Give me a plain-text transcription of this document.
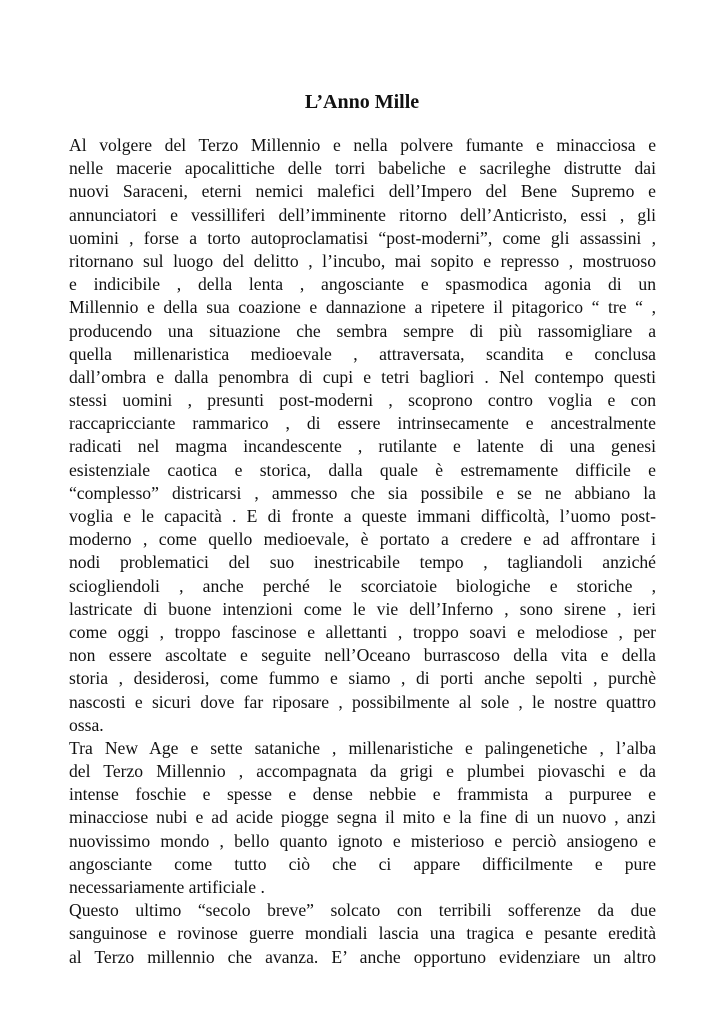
L’Anno Mille
Al volgere del Terzo Millennio e nella polvere fumante e minacciosa e
nelle macerie apocalittiche delle torri babeliche e sacrileghe distrutte dai
nuovi Saraceni, eterni nemici malefici dell’Impero del Bene Supremo e
annunciatori e vessilliferi dell’imminente ritorno dell’Anticristo, essi , gli
uomini , forse a torto autoproclamatisi “post-moderni”, come gli assassini ,
ritornano sul luogo del delitto , l’incubo, mai sopito e represso , mostruoso
e indicibile , della lenta , angosciante e spasmodica agonia di un
Millennio e della sua coazione e dannazione a ripetere il pitagorico “ tre “ ,
producendo una situazione che sembra sempre di più rassomigliare a
quella millenaristica medioevale , attraversata, scandita e conclusa
dall’ombra e dalla penombra di cupi e tetri bagliori . Nel contempo questi
stessi uomini , presunti post-moderni , scoprono contro voglia e con
raccapricciante rammarico , di essere intrinsecamente e ancestralmente
radicati nel magma incandescente , rutilante e latente di una genesi
esistenziale caotica e storica, dalla quale è estremamente difficile e
“complesso” districarsi , ammesso che sia possibile e se ne abbiano la
voglia e le capacità . E di fronte a queste immani difficoltà, l’uomo post-
moderno , come quello medioevale, è portato a credere e ad affrontare i
nodi problematici del suo inestricabile tempo , tagliandoli anziché
sciogliendoli , anche perché le scorciatoie biologiche e storiche ,
lastricate di buone intenzioni come le vie dell’Inferno , sono sirene , ieri
come oggi , troppo fascinose e allettanti , troppo soavi e melodiose , per
non essere ascoltate e seguite nell’Oceano burrascoso della vita e della
storia , desiderosi, come fummo e siamo , di porti anche sepolti , purchè
nascosti e sicuri dove far riposare , possibilmente al sole , le nostre quattro
ossa.
Tra New Age e sette sataniche , millenaristiche e palingenetiche , l’alba
del Terzo Millennio , accompagnata da grigi e plumbei piovaschi e da
intense foschie e spesse e dense nebbie e frammista a purpuree e
minacciose nubi e ad acide piogge segna il mito e la fine di un nuovo , anzi
nuovissimo mondo , bello quanto ignoto e misterioso e perciò ansiogeno e
angosciante come tutto ciò che ci appare difficilmente e pure
necessariamente artificiale .
Questo ultimo “secolo breve” solcato con terribili sofferenze da due
sanguinose e rovinose guerre mondiali lascia una tragica e pesante eredità
al Terzo millennio che avanza. E’ anche opportuno evidenziare un altro
